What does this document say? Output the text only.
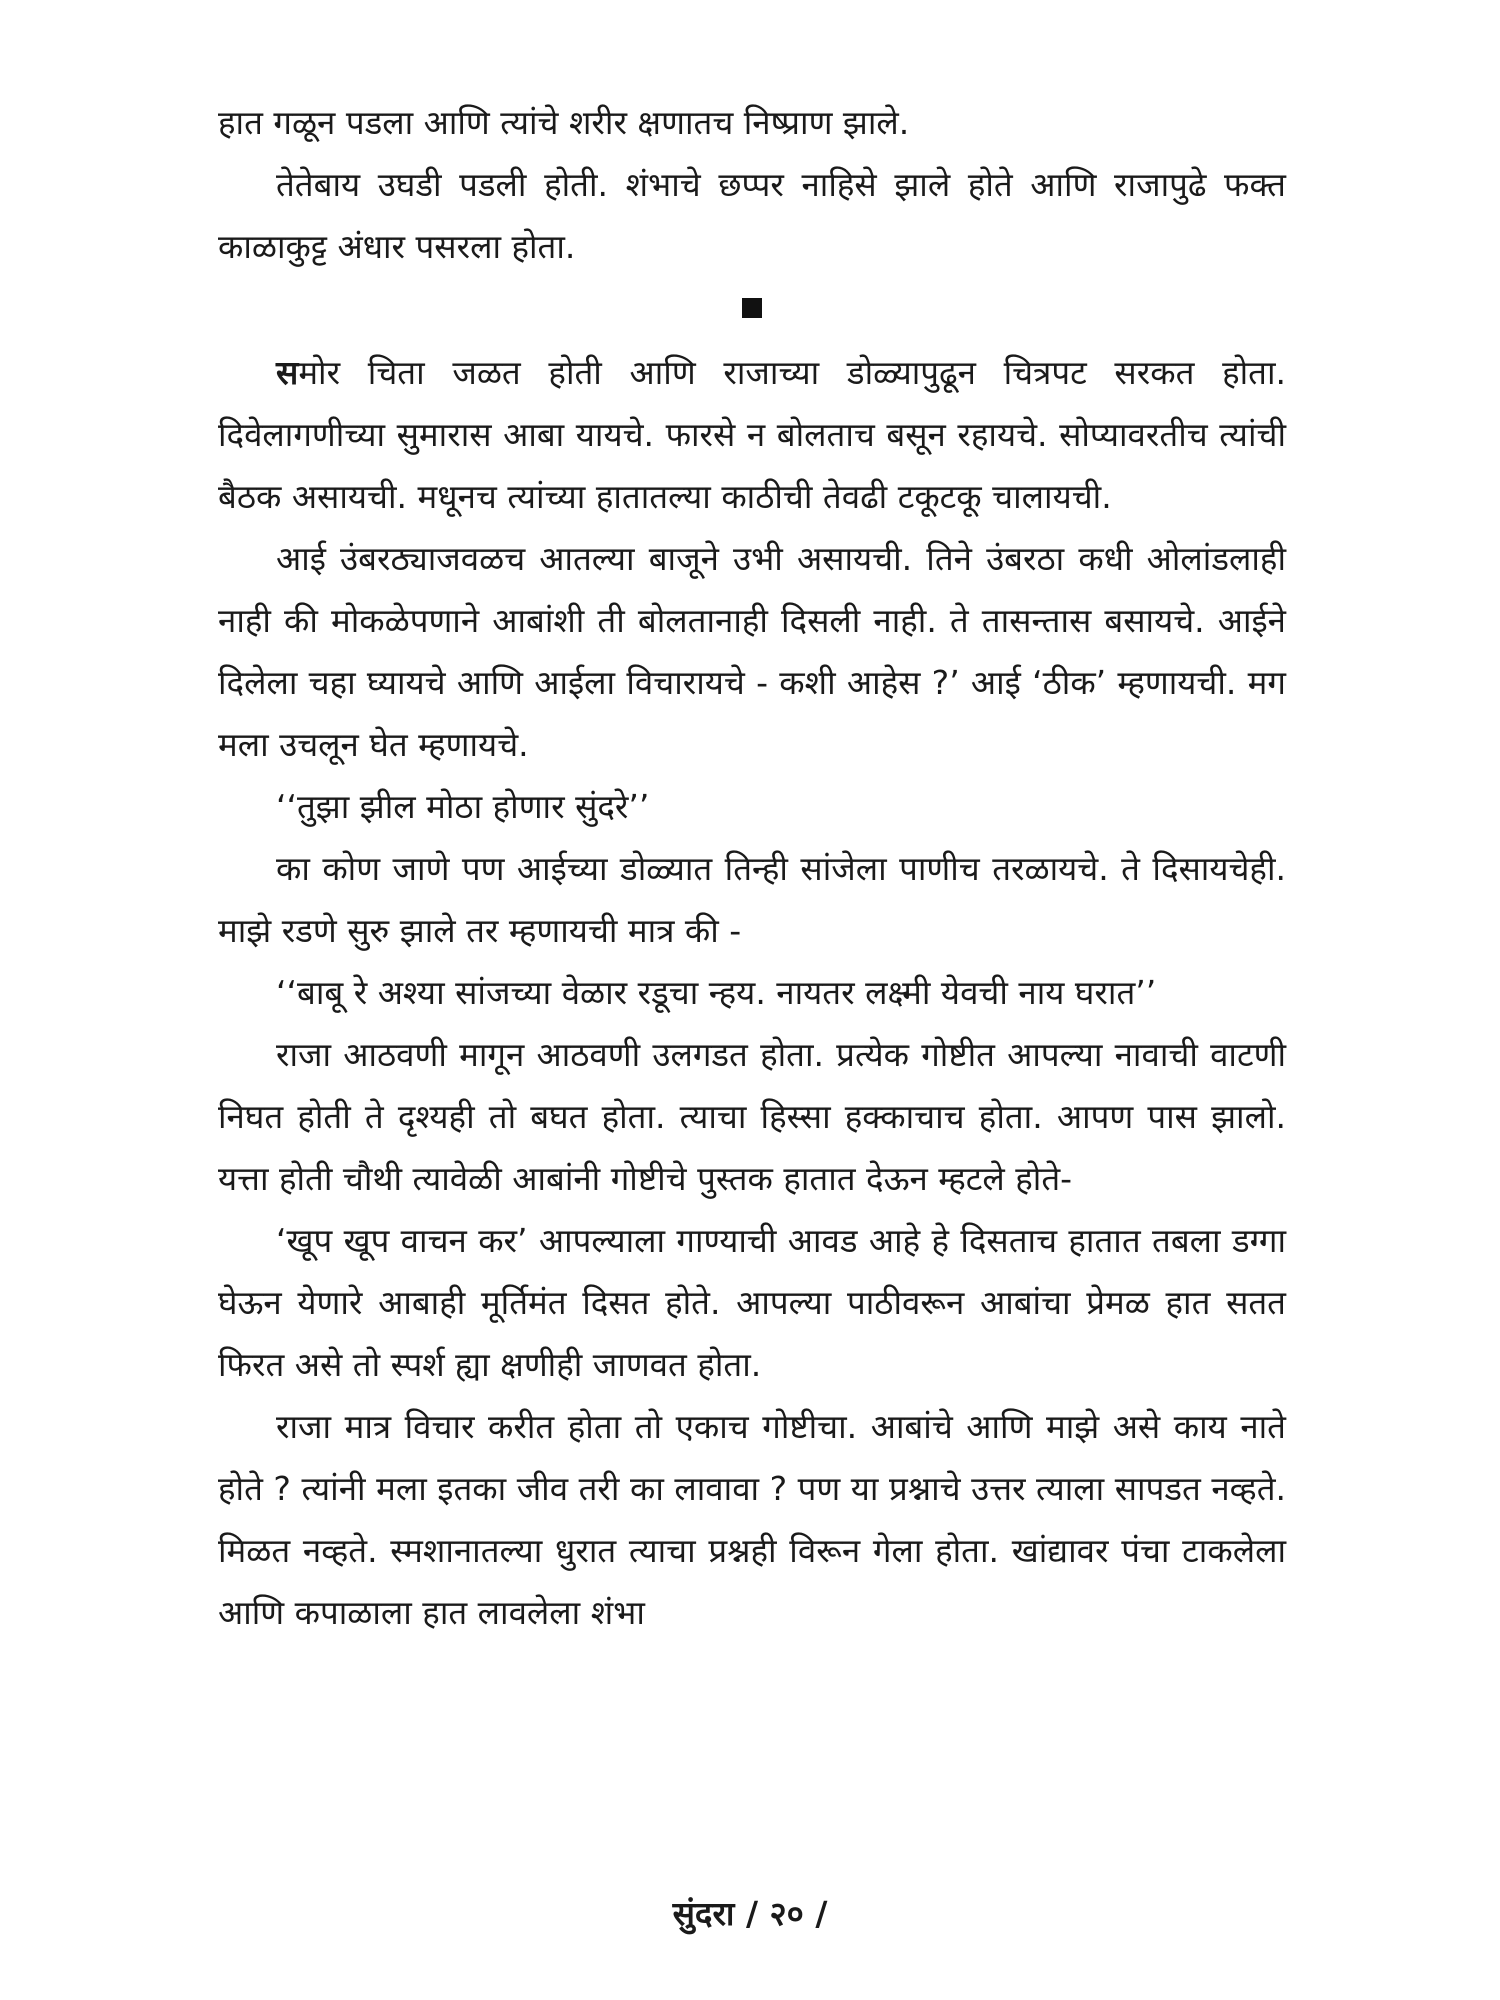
हात गळून पडला आणि त्यांचे शरीर क्षणातच निष्प्राण झाले.

तेतेबाय उघडी पडली होती. शंभाचे छप्पर नाहिसे झाले होते आणि राजापुढे फक्त काळाकुट्ट अंधार पसरला होता.

समोर चिता जळत होती आणि राजाच्या डोळ्यापुढून चित्रपट सरकत होता. दिवेलागणीच्या सुमारास आबा यायचे. फारसे न बोलताच बसून रहायचे. सोप्यावरतीच त्यांची बैठक असायची. मधूनच त्यांच्या हातातल्या काठीची तेवढी टकूटकू चालायची.

आई उंबरठ्याजवळच आतल्या बाजूने उभी असायची. तिने उंबरठा कधी ओलांडलाही नाही की मोकळेपणाने आबांशी ती बोलतानाही दिसली नाही. ते तासन्तास बसायचे. आईने दिलेला चहा घ्यायचे आणि आईला विचारायचे - कशी आहेस ?’ आई ‘ठीक’ म्हणायची. मग मला उचलून घेत म्हणायचे.

‘‘तुझा झील मोठा होणार सुंदरे’’

का कोण जाणे पण आईच्या डोळ्यात तिन्ही सांजेला पाणीच तरळायचे. ते दिसायचेही. माझे रडणे सुरु झाले तर म्हणायची मात्र की -

‘‘बाबू रे अश्या सांजच्या वेळार रडूचा न्हय. नायतर लक्ष्मी येवची नाय घरात’’

राजा आठवणी मागून आठवणी उलगडत होता. प्रत्येक गोष्टीत आपल्या नावाची वाटणी निघत होती ते दृश्यही तो बघत होता. त्याचा हिस्सा हक्काचाच होता. आपण पास झालो. यत्ता होती चौथी त्यावेळी आबांनी गोष्टीचे पुस्तक हातात देऊन म्हटले होते-

‘खूप खूप वाचन कर’ आपल्याला गाण्याची आवड आहे हे दिसताच हातात तबला डग्गा घेऊन येणारे आबाही मूर्तिमंत दिसत होते. आपल्या पाठीवरून आबांचा प्रेमळ हात सतत फिरत असे तो स्पर्श ह्या क्षणीही जाणवत होता.

राजा मात्र विचार करीत होता तो एकाच गोष्टीचा. आबांचे आणि माझे असे काय नाते होते ? त्यांनी मला इतका जीव तरी का लावावा ? पण या प्रश्नाचे उत्तर त्याला सापडत नव्हते. मिळत नव्हते. स्मशानातल्या धुरात त्याचा प्रश्नही विरून गेला होता. खांद्यावर पंचा टाकलेला आणि कपाळाला हात लावलेला शंभा

सुंदरा / २० /
